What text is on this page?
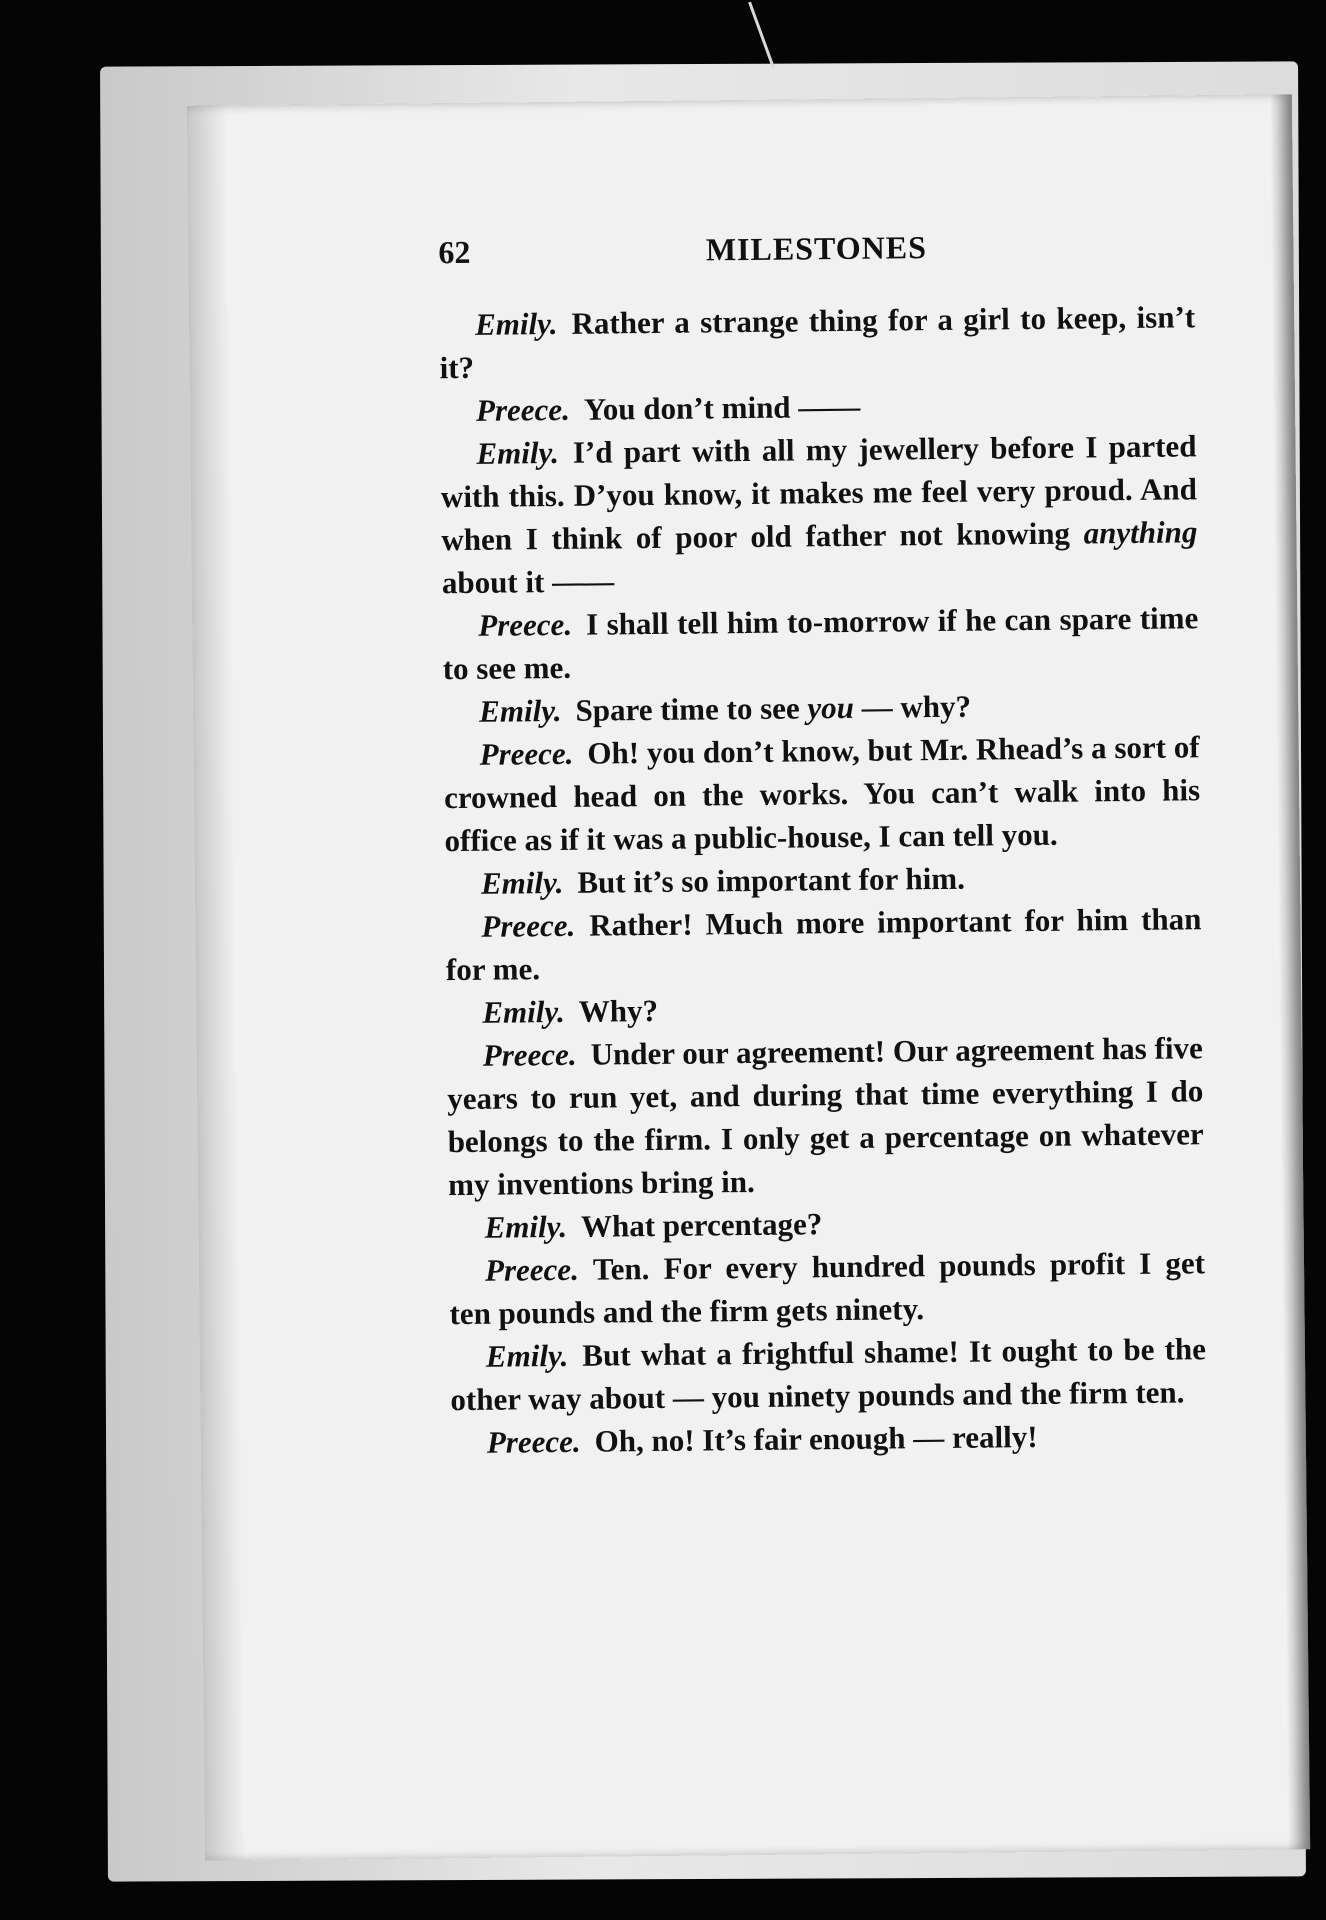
62	MILESTONES

Emily. Rather a strange thing for a girl to keep, isn’t it?

Preece. You don’t mind ——

Emily. I’d part with all my jewellery before I parted with this. D’you know, it makes me feel very proud. And when I think of poor old father not knowing anything about it ——

Preece. I shall tell him to-morrow if he can spare time to see me.

Emily. Spare time to see you — why?

Preece. Oh! you don’t know, but Mr. Rhead’s a sort of crowned head on the works. You can’t walk into his office as if it was a public-house, I can tell you.

Emily. But it’s so important for him.

Preece. Rather! Much more important for him than for me.

Emily. Why?

Preece. Under our agreement! Our agreement has five years to run yet, and during that time everything I do belongs to the firm. I only get a percentage on whatever my inventions bring in.

Emily. What percentage?

Preece. Ten. For every hundred pounds profit I get ten pounds and the firm gets ninety.

Emily. But what a frightful shame! It ought to be the other way about — you ninety pounds and the firm ten.

Preece. Oh, no! It’s fair enough — really!
